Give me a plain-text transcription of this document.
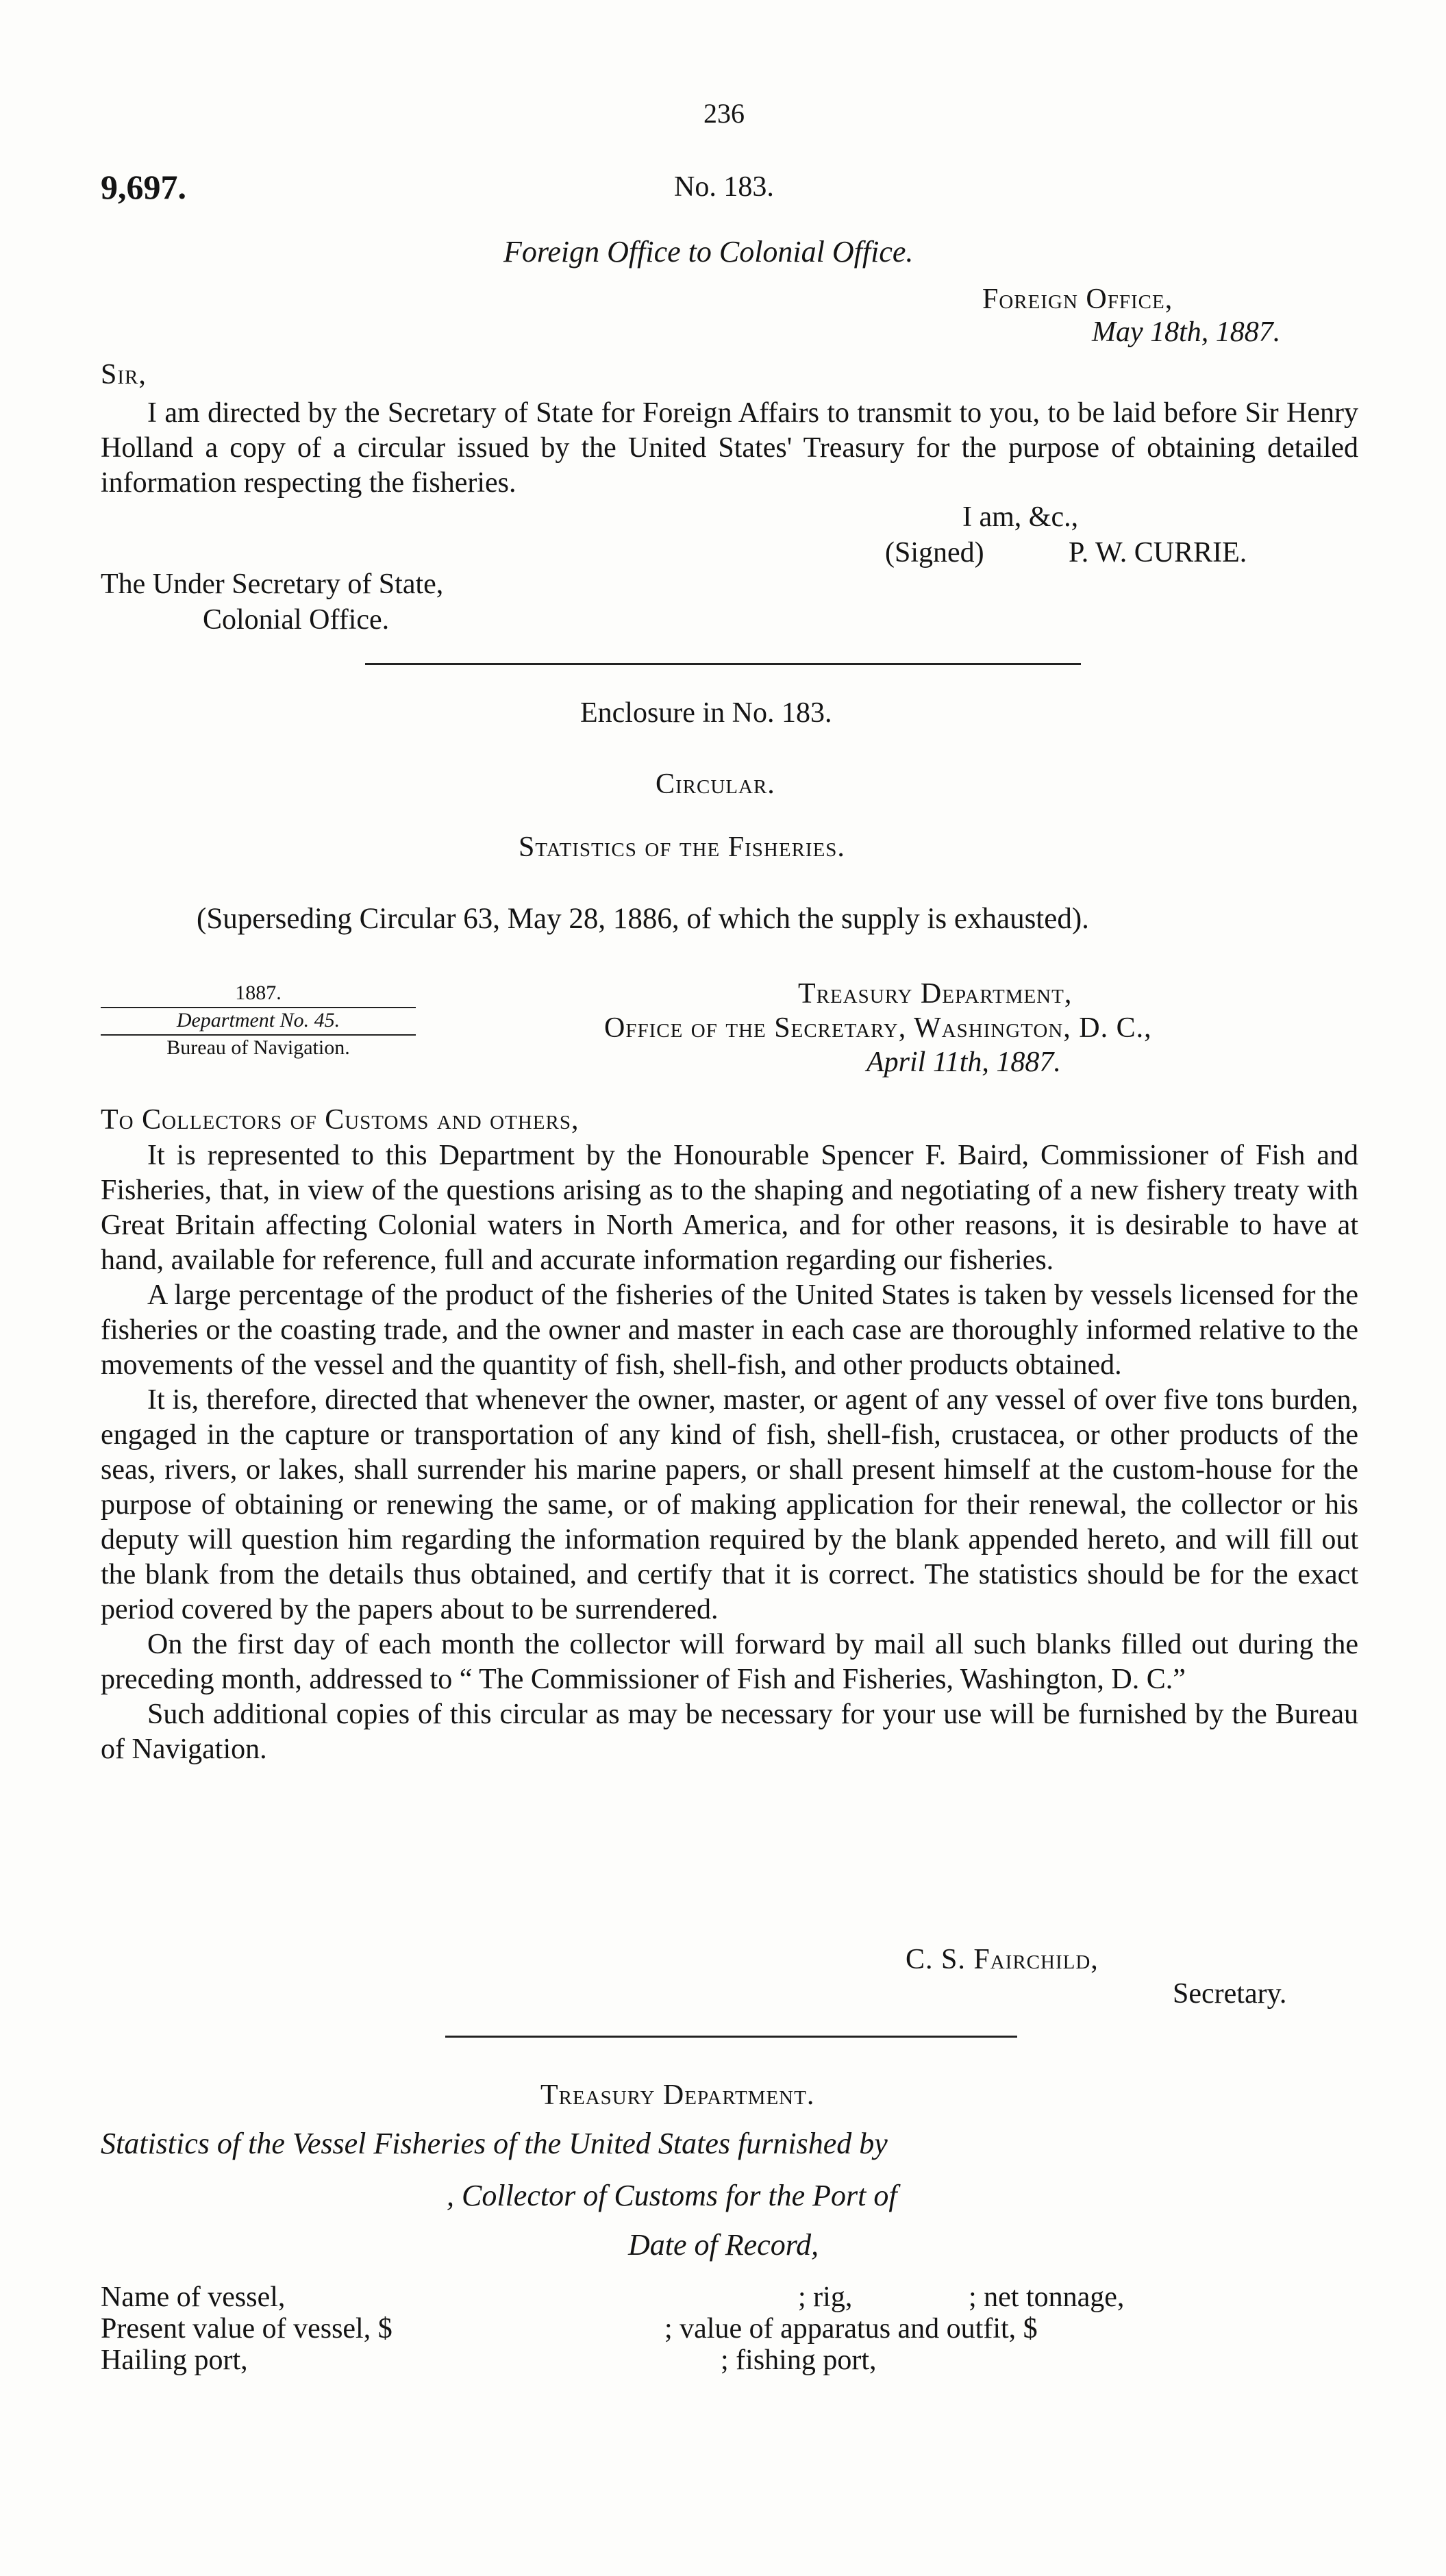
236
9,697.	No. 183.
Foreign Office to Colonial Office.
Foreign Office,
May 18th, 1887.
Sir,

I am directed by the Secretary of State for Foreign Affairs to transmit to you, to be laid before Sir Henry Holland a copy of a circular issued by the United States' Treasury for the purpose of obtaining detailed information respecting the fisheries.

I am, &c.,
(Signed)	P. W. CURRIE.
The Under Secretary of State,
Colonial Office.
Enclosure in No. 183.
Circular.
Statistics of the Fisheries.
(Superseding Circular 63, May 28, 1886, of which the supply is exhausted).
1887.
Department No. 45.
Bureau of Navigation.
Treasury Department,
Office of the Secretary, Washington, D. C.,
April 11th, 1887.
To Collectors of Customs and others,

It is represented to this Department by the Honourable Spencer F. Baird, Commissioner of Fish and Fisheries, that, in view of the questions arising as to the shaping and negotiating of a new fishery treaty with Great Britain affecting Colonial waters in North America, and for other reasons, it is desirable to have at hand, available for reference, full and accurate information regarding our fisheries.

A large percentage of the product of the fisheries of the United States is taken by vessels licensed for the fisheries or the coasting trade, and the owner and master in each case are thoroughly informed relative to the movements of the vessel and the quantity of fish, shell-fish, and other products obtained.

It is, therefore, directed that whenever the owner, master, or agent of any vessel of over five tons burden, engaged in the capture or transportation of any kind of fish, shell-fish, crustacea, or other products of the seas, rivers, or lakes, shall surrender his marine papers, or shall present himself at the custom-house for the purpose of obtaining or renewing the same, or of making application for their renewal, the collector or his deputy will question him regarding the information required by the blank appended hereto, and will fill out the blank from the details thus obtained, and certify that it is correct. The statistics should be for the exact period covered by the papers about to be surrendered.

On the first day of each month the collector will forward by mail all such blanks filled out during the preceding month, addressed to “ The Commissioner of Fish and Fisheries, Washington, D. C.”

Such additional copies of this circular as may be necessary for your use will be furnished by the Bureau of Navigation.

C. S. Fairchild,
Secretary.
Treasury Department.
Statistics of the Vessel Fisheries of the United States furnished by
, Collector of Customs for the Port of
Date of Record,
Name of vessel,	; rig,	; net tonnage,
Present value of vessel, $	; value of apparatus and outfit, $
Hailing port,	; fishing port,
